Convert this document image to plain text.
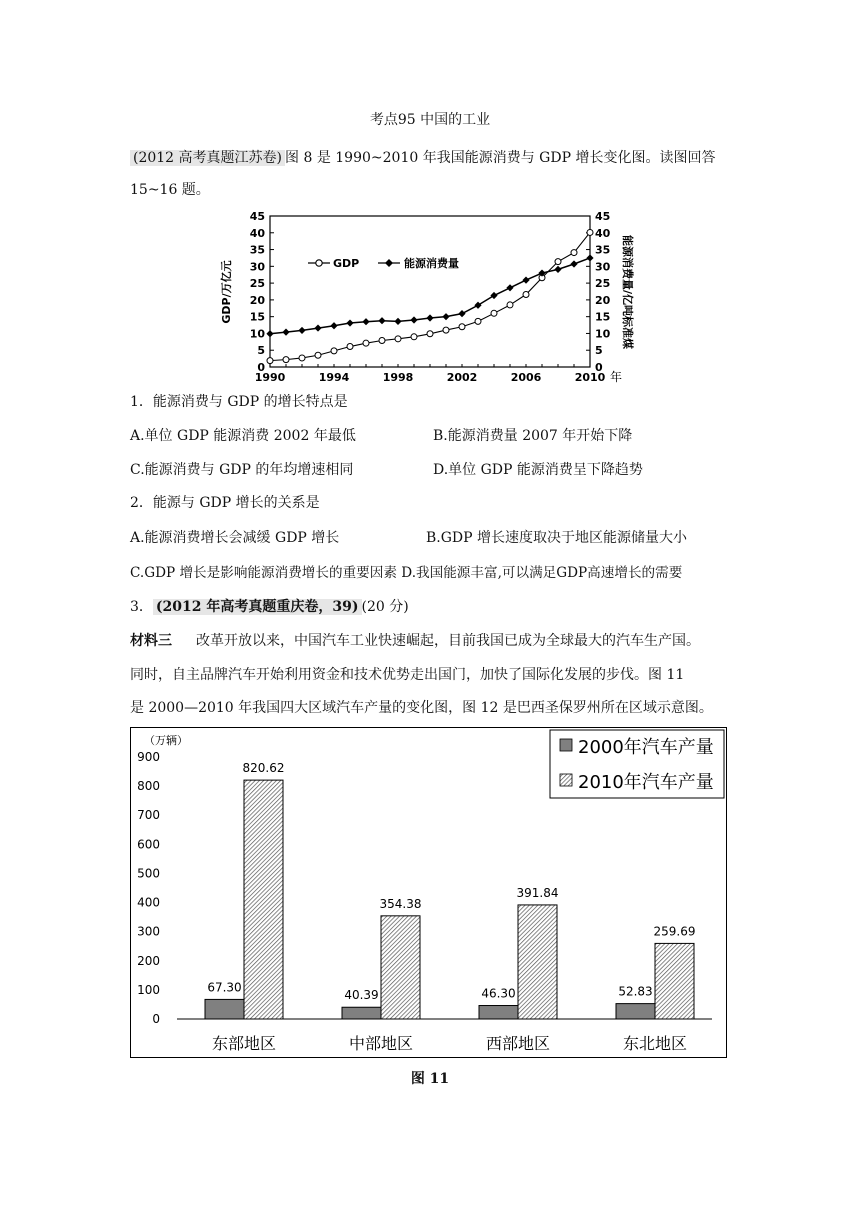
考点95 中国的工业
(2012 高考真题江苏卷) 图 8 是 1990~2010 年我国能源消费与 GDP 增长变化图。读图回答
15~16 题。
0
5
10
15
20
25
30
35
40
45
0
5
10
15
20
25
30
35
40
45
1990	1994	1998	2002	2006	2010
GDP/万亿元	能源消费量/亿吨标准煤
年
GDP	能源消费量
1．能源消费与 GDP 的增长特点是
A.单位 GDP 能源消费 2002 年最低	B.能源消费量 2007 年开始下降
C.能源消费与 GDP 的年均增速相同	D.单位 GDP 能源消费呈下降趋势
2．能源与 GDP 增长的关系是
A.能源消费增长会减缓 GDP 增长	B.GDP 增长速度取决于地区能源储量大小
C.GDP 增长是影响能源消费增长的重要因素 D.我国能源丰富,可以满足GDP高速增长的需要
3． (2012 年高考真题重庆卷，39) (20 分)
材料三 改革开放以来，中国汽车工业快速崛起，目前我国已成为全球最大的汽车生产国。
同时，自主品牌汽车开始利用资金和技术优势走出国门，加快了国际化发展的步伐。图 11
是 2000—2010 年我国四大区域汽车产量的变化图，图 12 是巴西圣保罗州所在区域示意图。
（万辆）
0
100
200
300
400
500
600
700
800
900
67.30
820.62
40.39
354.38
46.30
391.84
52.83
259.69
东部地区	中部地区	西部地区	东北地区
2000年汽车产量
2010年汽车产量
图 11
